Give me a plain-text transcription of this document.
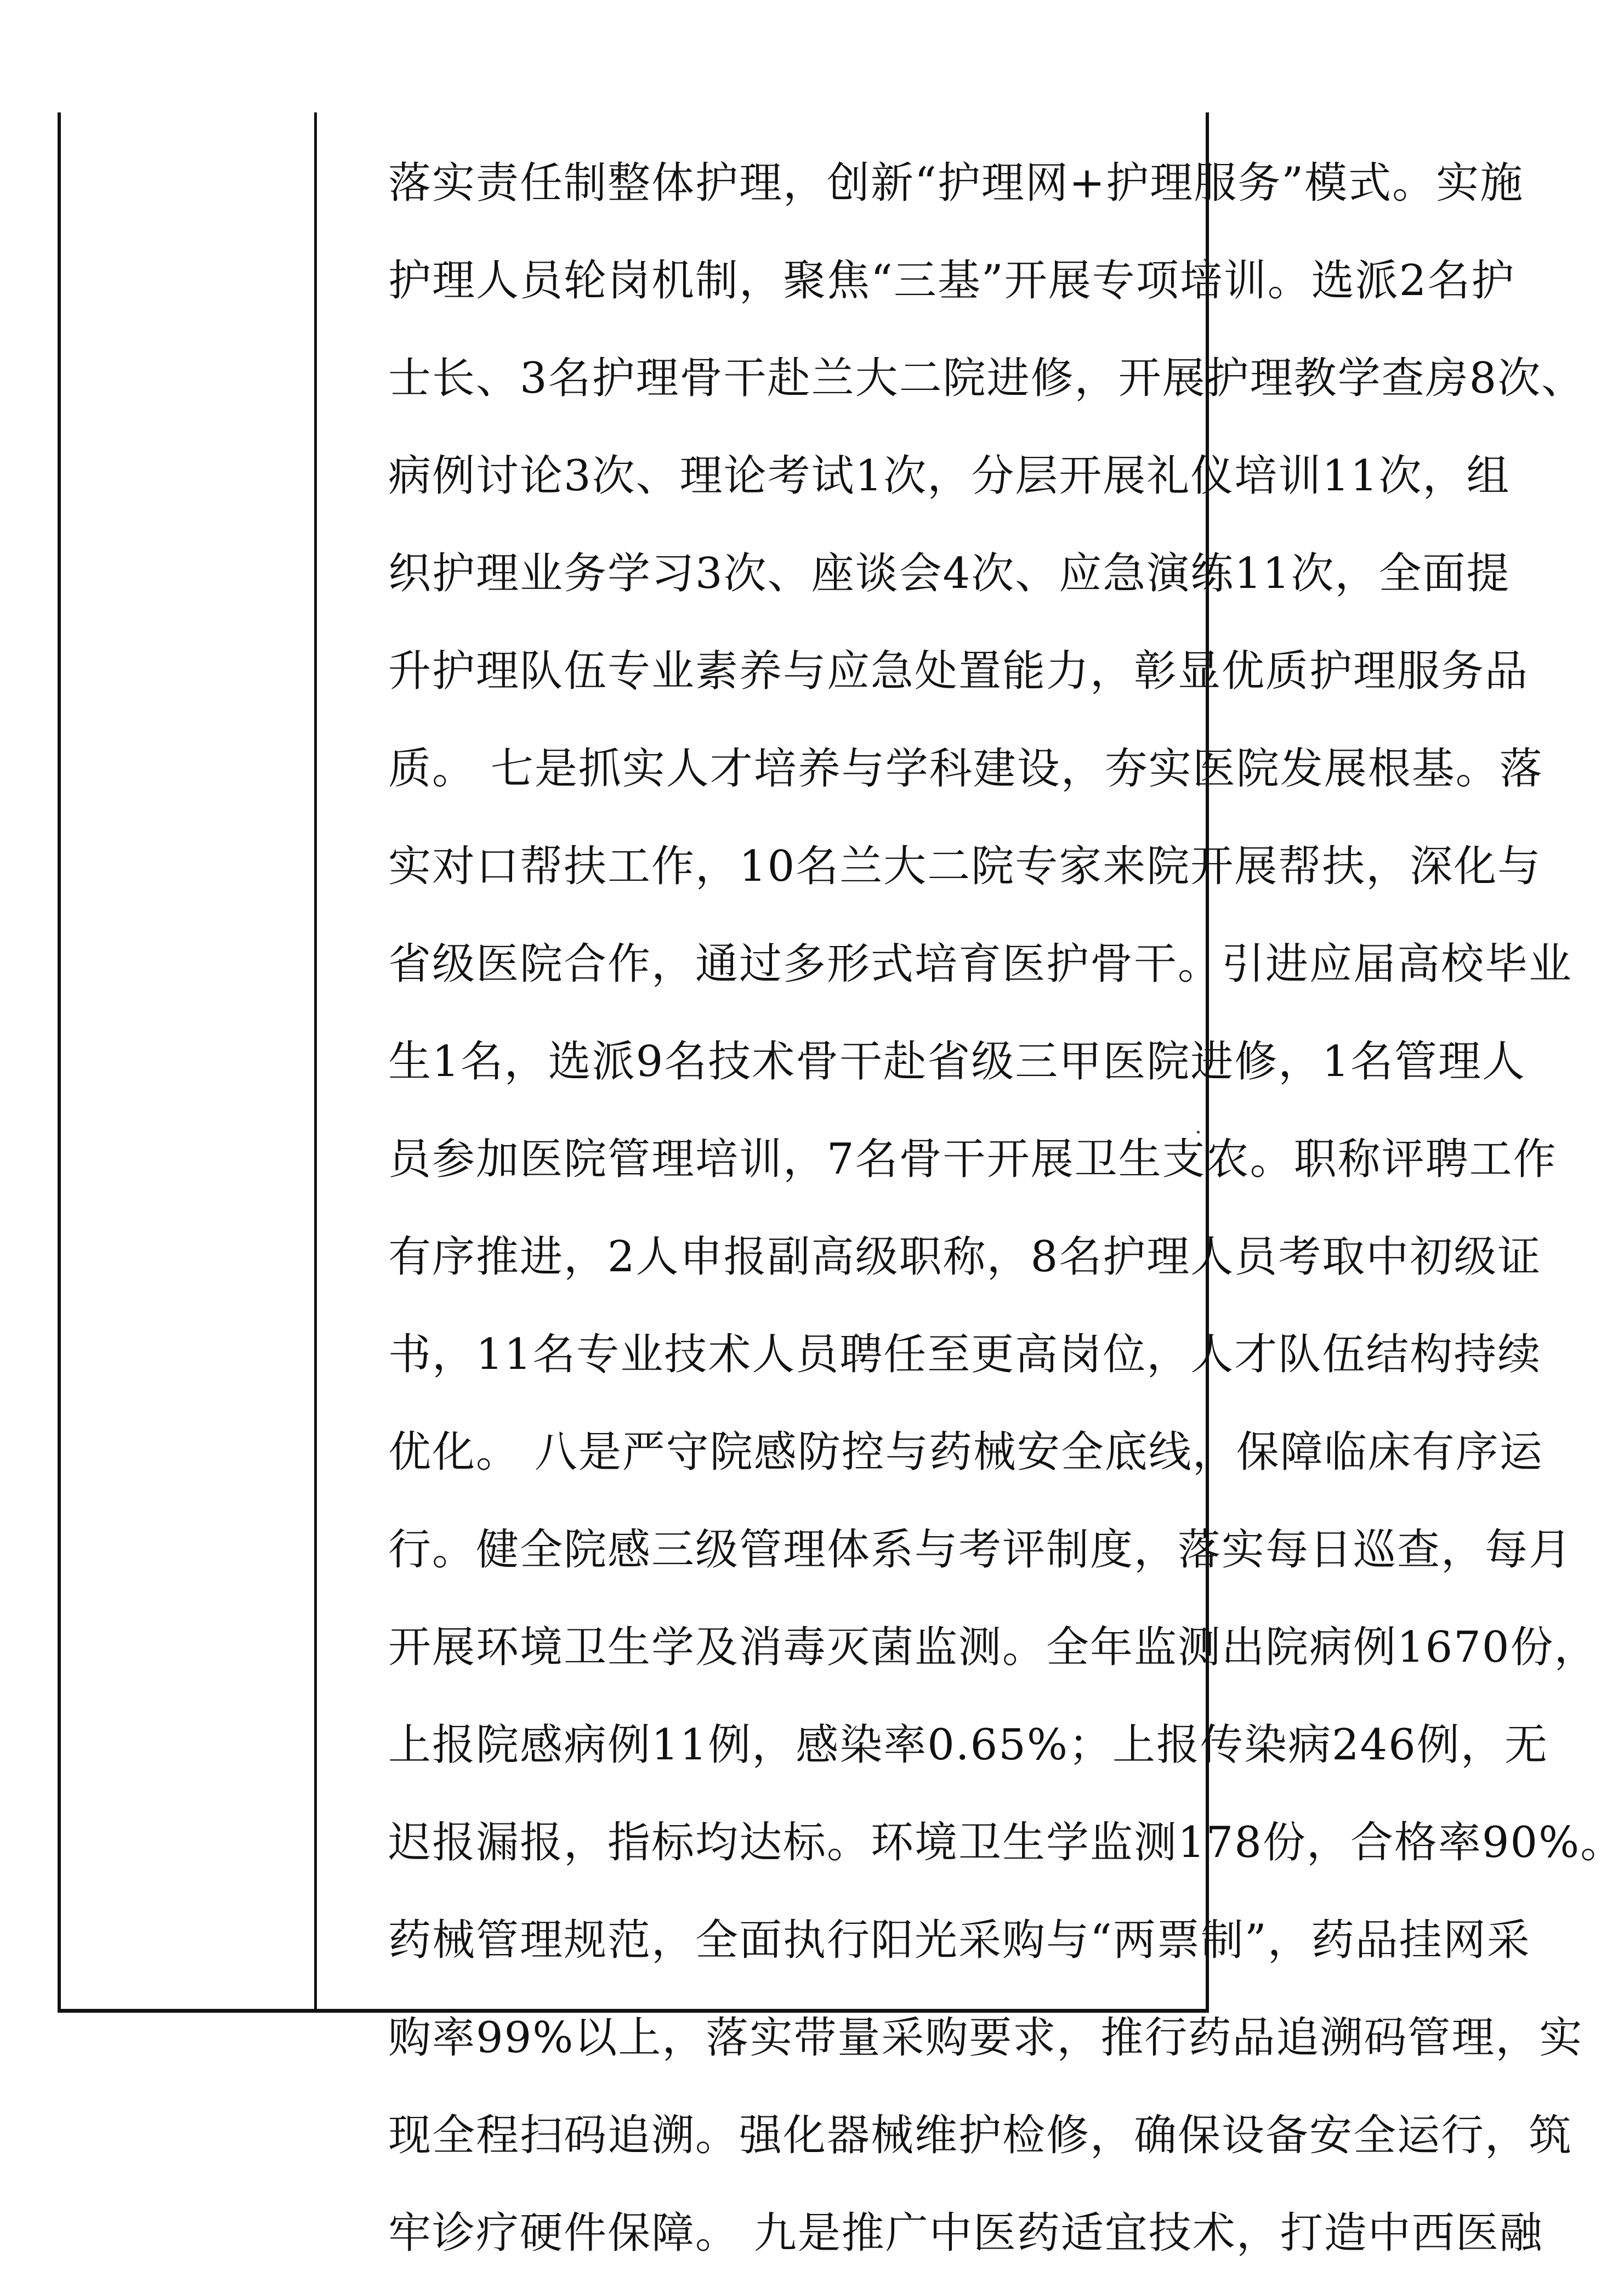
落实责任制整体护理，创新“护理网+护理服务”模式。实施
护理人员轮岗机制，聚焦“三基”开展专项培训。选派2名护
士长、3名护理骨干赴兰大二院进修，开展护理教学查房8次、
病例讨论3次、理论考试1次，分层开展礼仪培训11次，组
织护理业务学习3次、座谈会4次、应急演练11次，全面提
升护理队伍专业素养与应急处置能力，彰显优质护理服务品
质。 七是抓实人才培养与学科建设，夯实医院发展根基。落
实对口帮扶工作，10名兰大二院专家来院开展帮扶，深化与
省级医院合作，通过多形式培育医护骨干。引进应届高校毕业
生1名，选派9名技术骨干赴省级三甲医院进修，1名管理人
员参加医院管理培训，7名骨干开展卫生支农。职称评聘工作
有序推进，2人申报副高级职称，8名护理人员考取中初级证
书，11名专业技术人员聘任至更高岗位，人才队伍结构持续
优化。 八是严守院感防控与药械安全底线，保障临床有序运
行。健全院感三级管理体系与考评制度，落实每日巡查，每月
开展环境卫生学及消毒灭菌监测。全年监测出院病例1670份，
上报院感病例11例，感染率0.65%；上报传染病246例，无
迟报漏报，指标均达标。环境卫生学监测178份，合格率90%。
药械管理规范，全面执行阳光采购与“两票制”，药品挂网采
购率99%以上，落实带量采购要求，推行药品追溯码管理，实
现全程扫码追溯。强化器械维护检修，确保设备安全运行，筑
牢诊疗硬件保障。 九是推广中医药适宜技术，打造中西医融
